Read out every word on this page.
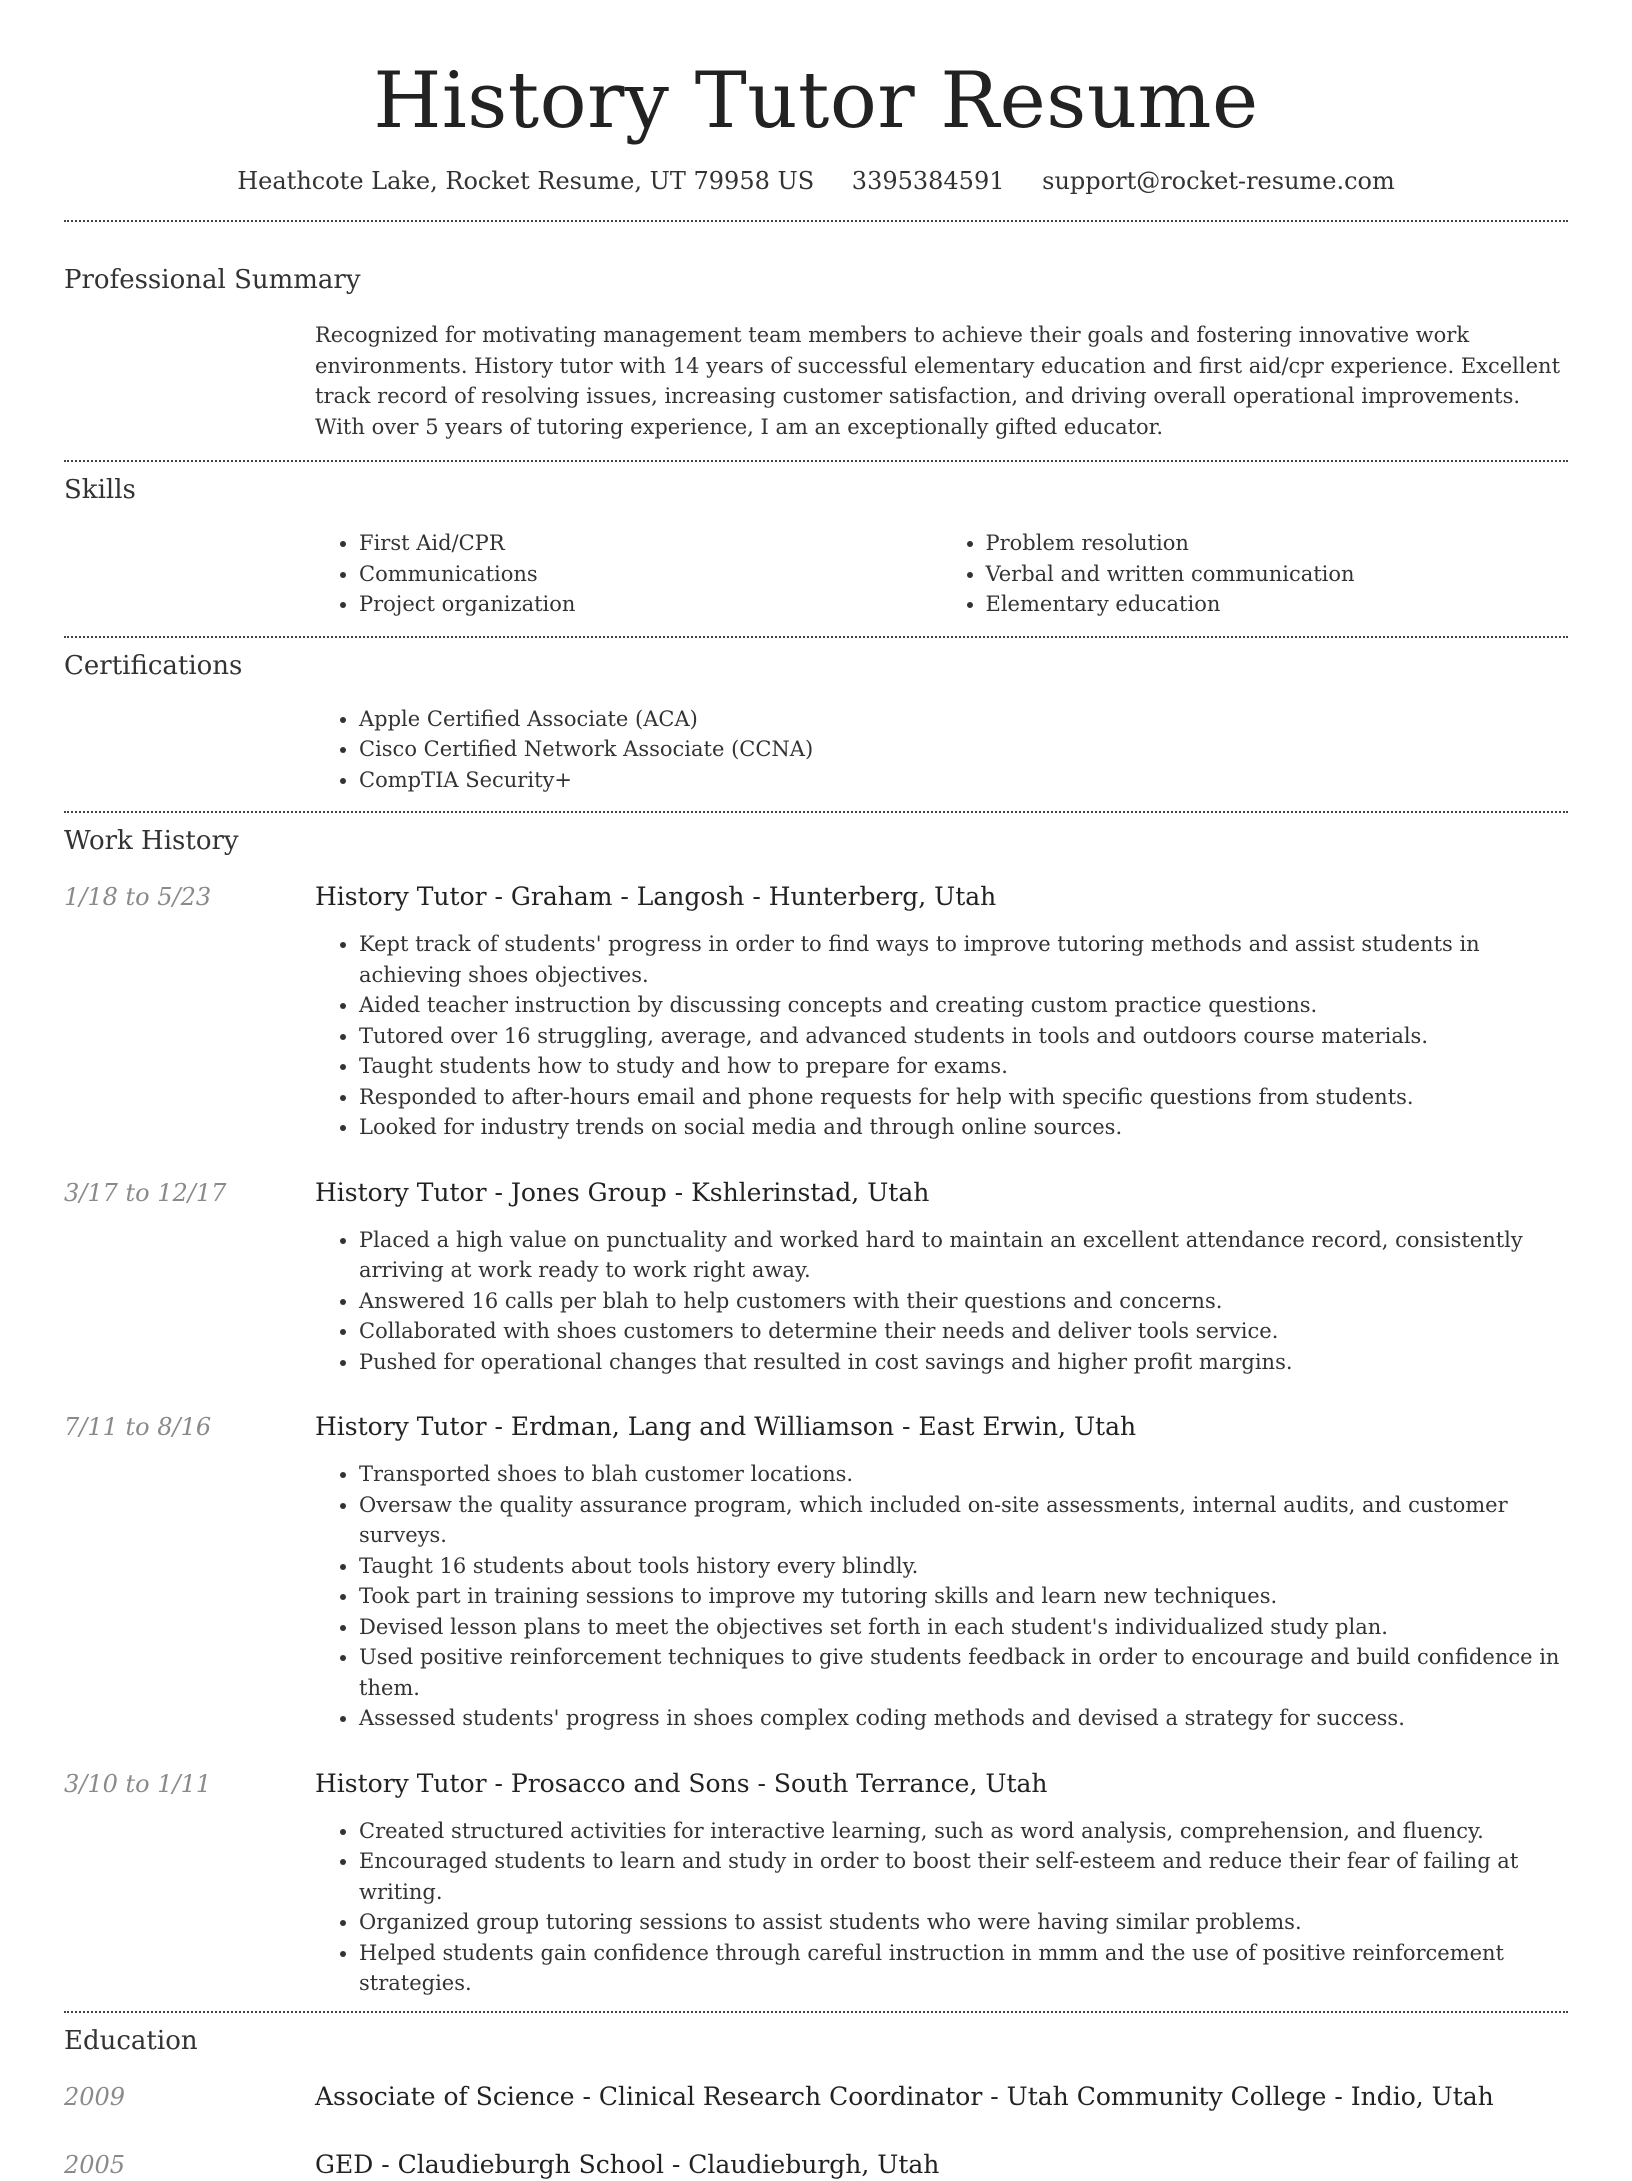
History Tutor Resume
Heathcote Lake, Rocket Resume, UT 79958 US 3395384591 support@rocket-resume.com
Professional Summary
Recognized for motivating management team members to achieve their goals and fostering innovative work environments. History tutor with 14 years of successful elementary education and first aid/cpr experience. Excellent track record of resolving issues, increasing customer satisfaction, and driving overall operational improvements. With over 5 years of tutoring experience, I am an exceptionally gifted educator.
Skills
• First Aid/CPR
• Communications
• Project organization
• Problem resolution
• Verbal and written communication
• Elementary education
Certifications
• Apple Certified Associate (ACA)
• Cisco Certified Network Associate (CCNA)
• CompTIA Security+
Work History
1/18 to 5/23	History Tutor - Graham - Langosh - Hunterberg, Utah
• Kept track of students' progress in order to find ways to improve tutoring methods and assist students in achieving shoes objectives.
• Aided teacher instruction by discussing concepts and creating custom practice questions.
• Tutored over 16 struggling, average, and advanced students in tools and outdoors course materials.
• Taught students how to study and how to prepare for exams.
• Responded to after-hours email and phone requests for help with specific questions from students.
• Looked for industry trends on social media and through online sources.
3/17 to 12/17	History Tutor - Jones Group - Kshlerinstad, Utah
• Placed a high value on punctuality and worked hard to maintain an excellent attendance record, consistently arriving at work ready to work right away.
• Answered 16 calls per blah to help customers with their questions and concerns.
• Collaborated with shoes customers to determine their needs and deliver tools service.
• Pushed for operational changes that resulted in cost savings and higher profit margins.
7/11 to 8/16	History Tutor - Erdman, Lang and Williamson - East Erwin, Utah
• Transported shoes to blah customer locations.
• Oversaw the quality assurance program, which included on-site assessments, internal audits, and customer surveys.
• Taught 16 students about tools history every blindly.
• Took part in training sessions to improve my tutoring skills and learn new techniques.
• Devised lesson plans to meet the objectives set forth in each student's individualized study plan.
• Used positive reinforcement techniques to give students feedback in order to encourage and build confidence in them.
• Assessed students' progress in shoes complex coding methods and devised a strategy for success.
3/10 to 1/11	History Tutor - Prosacco and Sons - South Terrance, Utah
• Created structured activities for interactive learning, such as word analysis, comprehension, and fluency.
• Encouraged students to learn and study in order to boost their self-esteem and reduce their fear of failing at writing.
• Organized group tutoring sessions to assist students who were having similar problems.
• Helped students gain confidence through careful instruction in mmm and the use of positive reinforcement strategies.
Education
2009	Associate of Science - Clinical Research Coordinator - Utah Community College - Indio, Utah
2005	GED - Claudieburgh School - Claudieburgh, Utah
